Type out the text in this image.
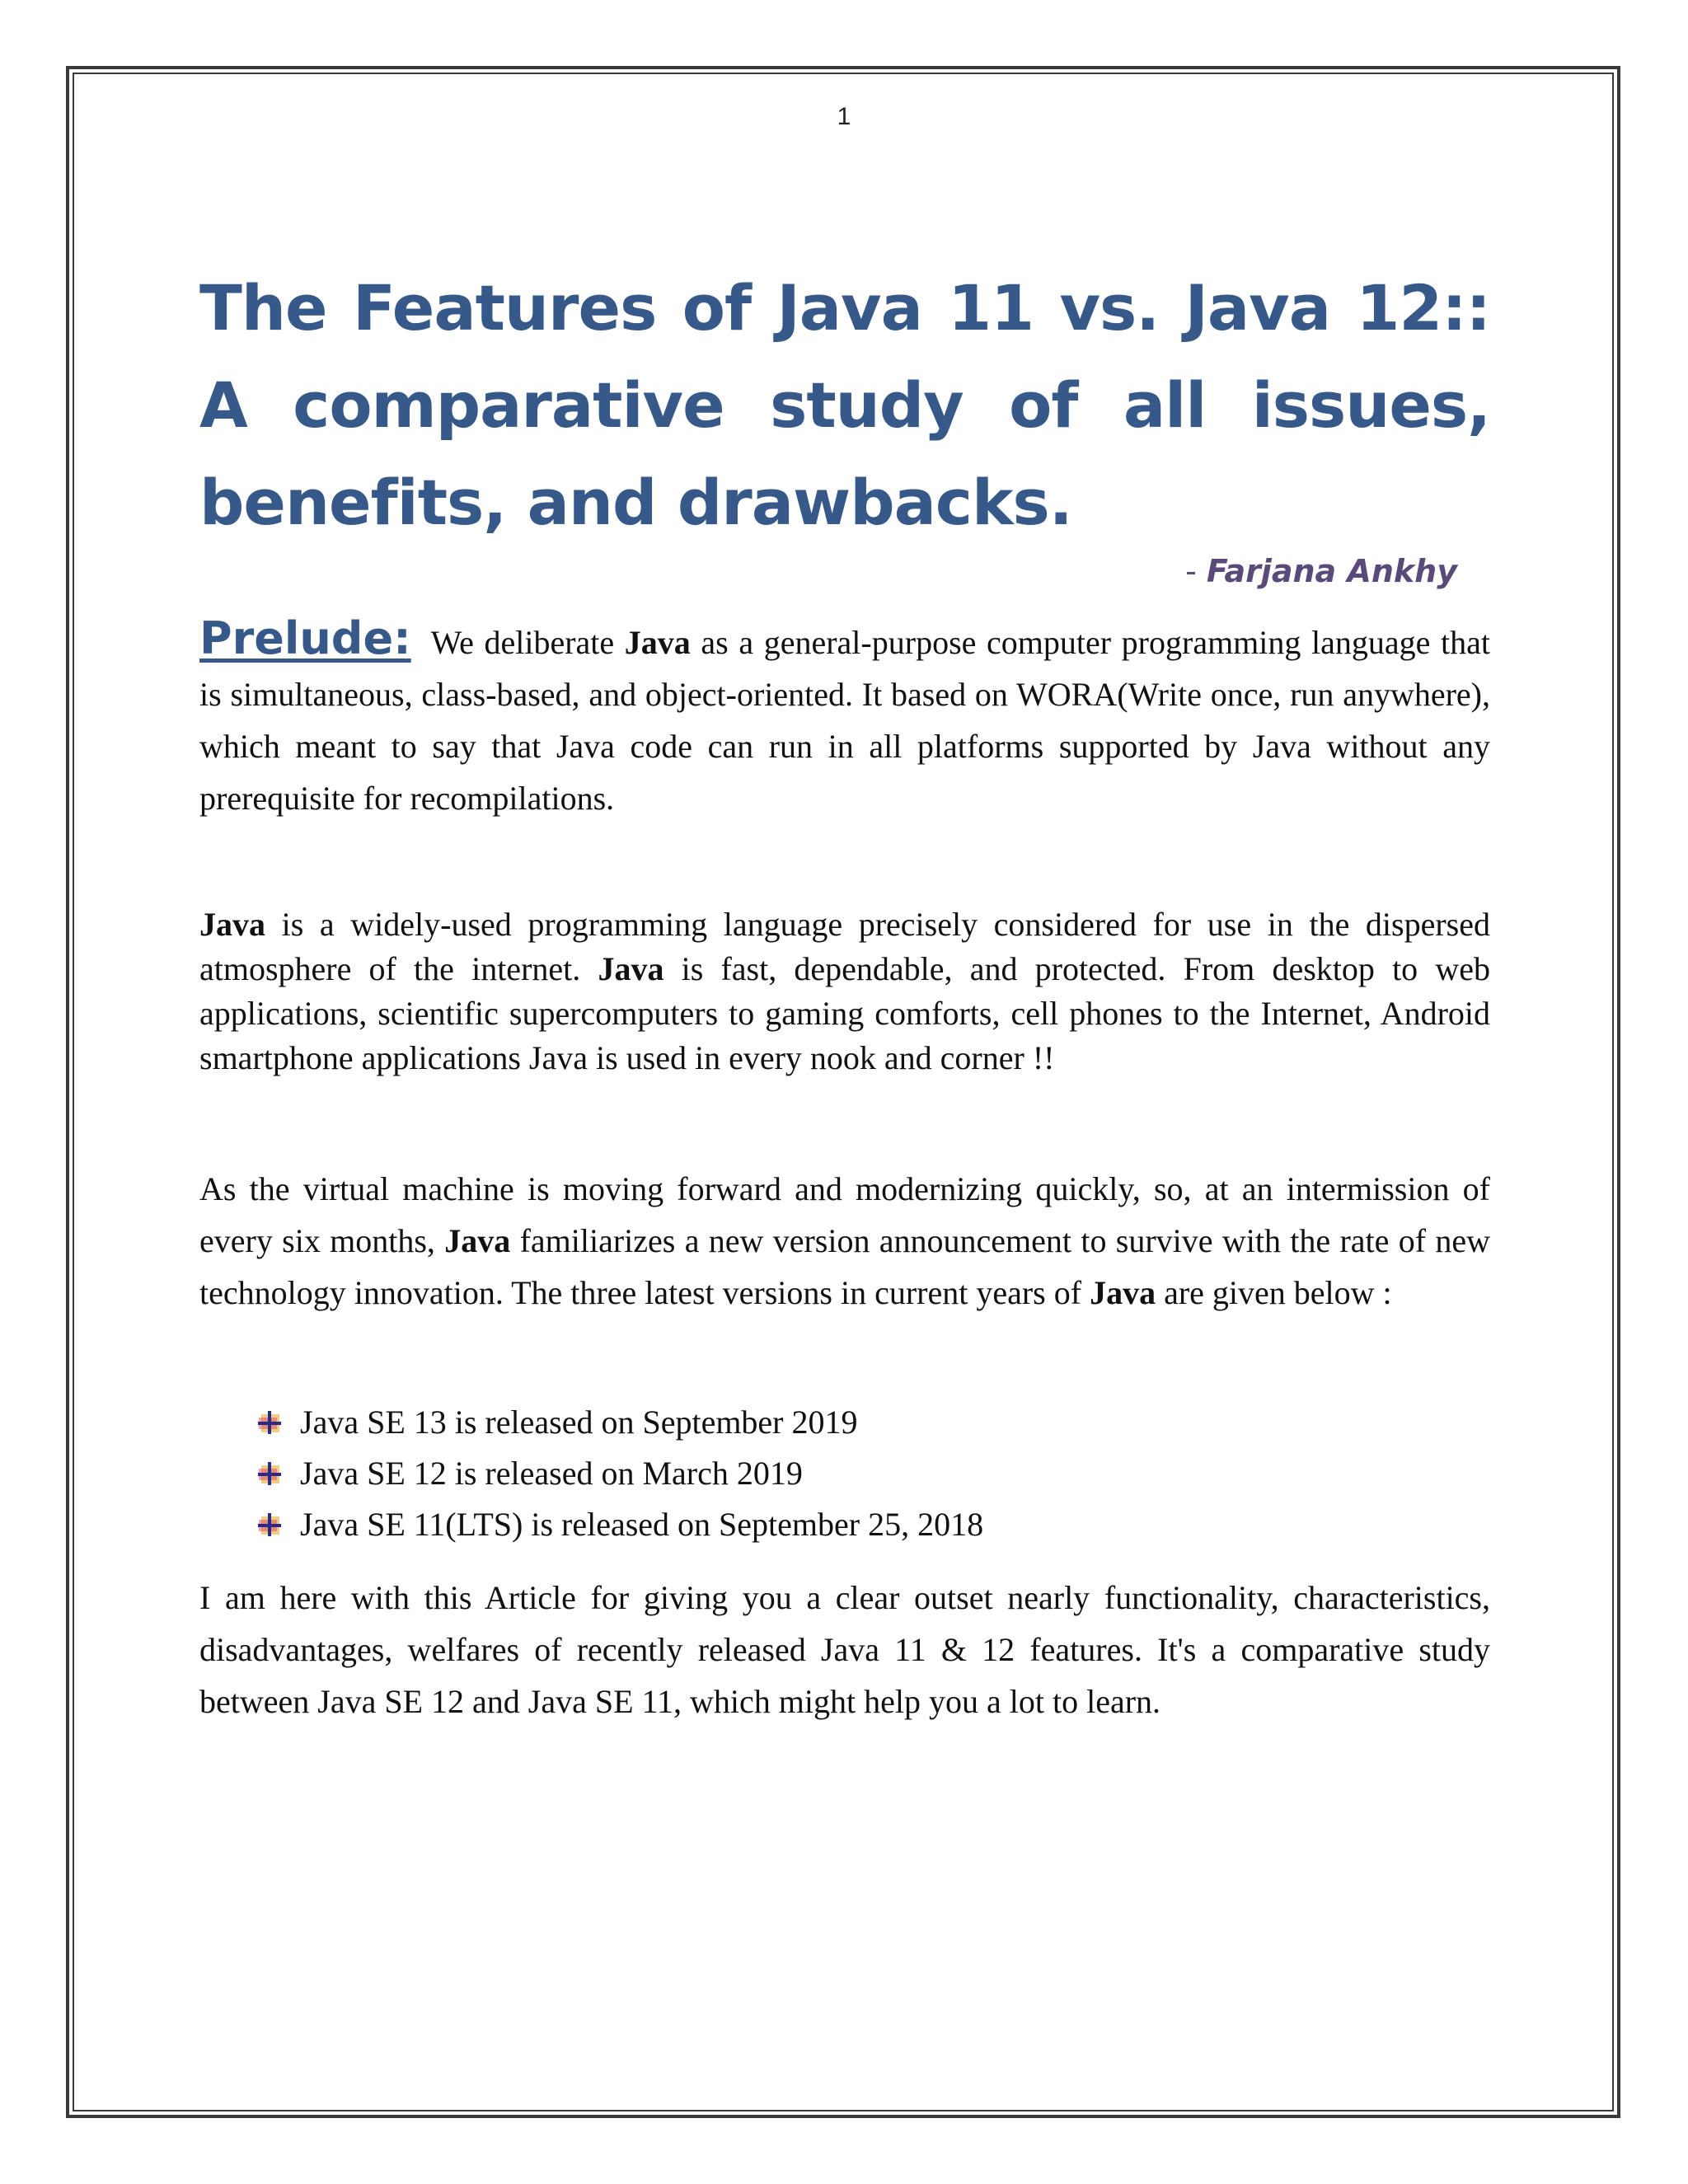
1
The Features of Java 11 vs. Java 12:: A comparative study of all issues, benefits, and drawbacks.
- Farjana Ankhy

Prelude: We deliberate Java as a general-purpose computer programming language that is simultaneous, class-based, and object-oriented. It based on WORA(Write once, run anywhere), which meant to say that Java code can run in all platforms supported by Java without any prerequisite for recompilations.

Java is a widely-used programming language precisely considered for use in the dispersed atmosphere of the internet. Java is fast, dependable, and protected. From desktop to web applications, scientific supercomputers to gaming comforts, cell phones to the Internet, Android smartphone applications Java is used in every nook and corner !!

As the virtual machine is moving forward and modernizing quickly, so, at an intermission of every six months, Java familiarizes a new version announcement to survive with the rate of new technology innovation. The three latest versions in current years of Java are given below :

Java SE 13 is released on September 2019
Java SE 12 is released on March 2019
Java SE 11(LTS) is released on September 25, 2018

I am here with this Article for giving you a clear outset nearly functionality, characteristics, disadvantages, welfares of recently released Java 11 & 12 features. It's a comparative study between Java SE 12 and Java SE 11, which might help you a lot to learn.
